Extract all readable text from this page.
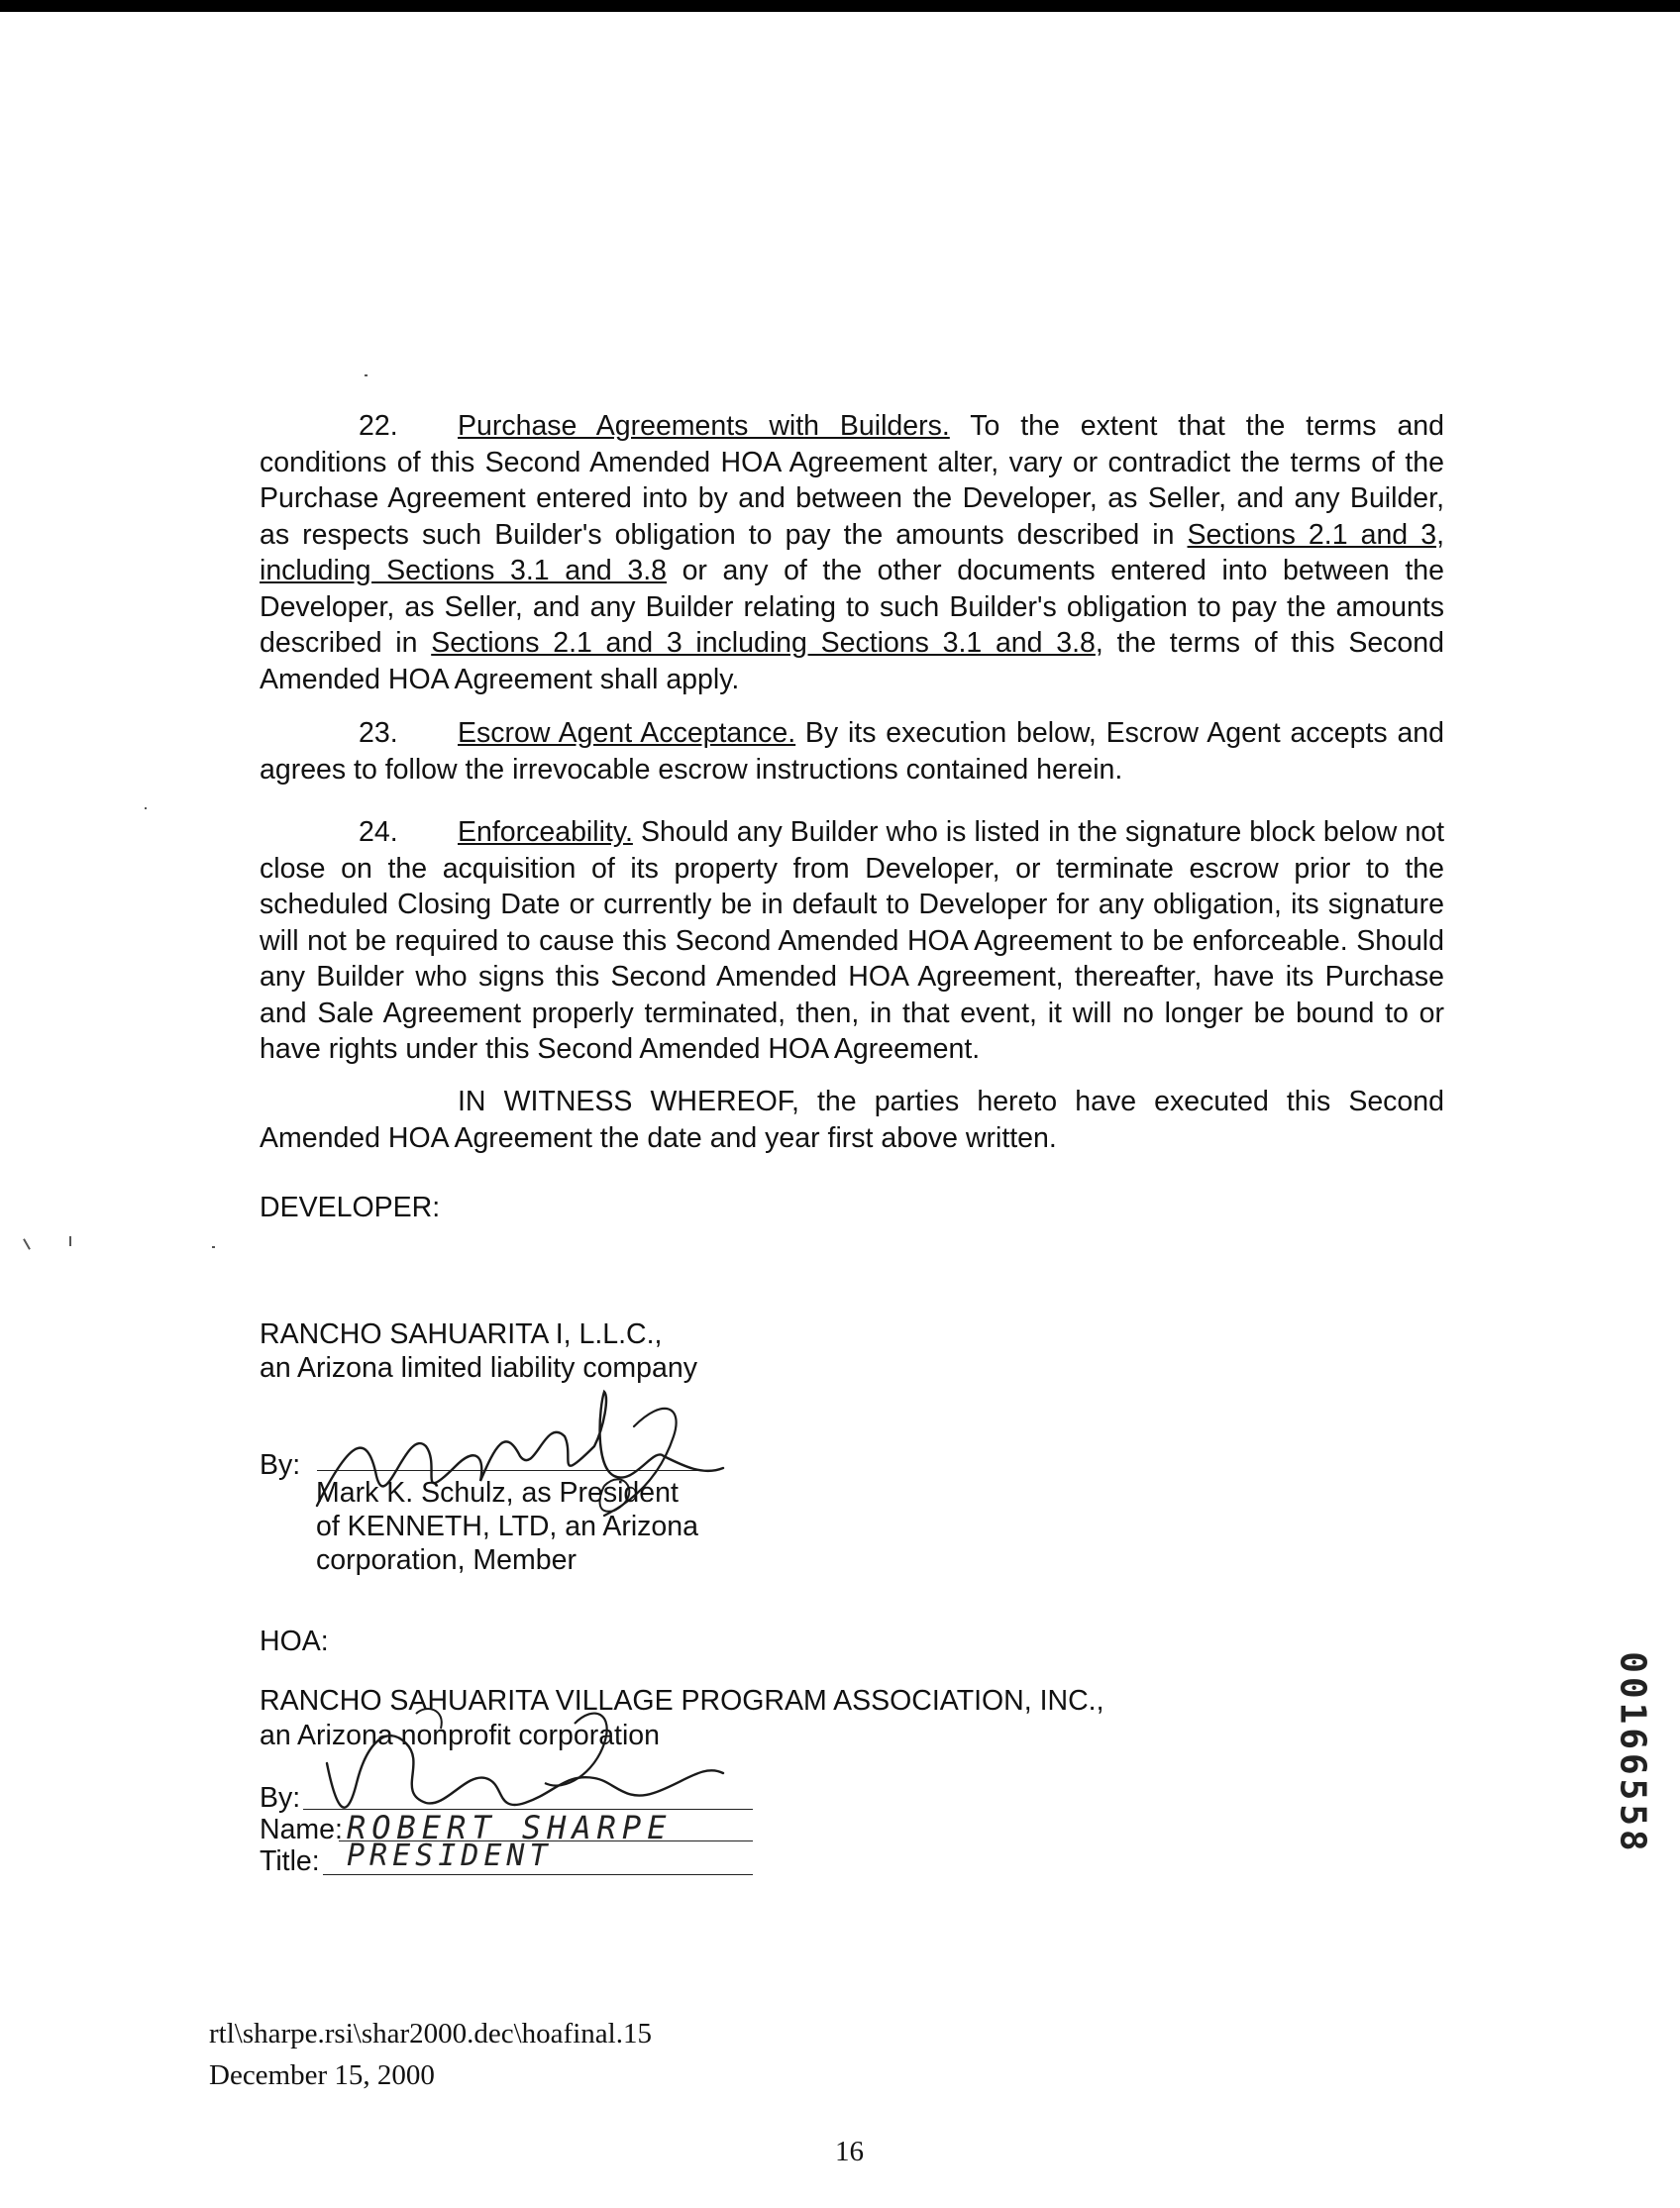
22. Purchase Agreements with Builders. To the extent that the terms and conditions of this Second Amended HOA Agreement alter, vary or contradict the terms of the Purchase Agreement entered into by and between the Developer, as Seller, and any Builder, as respects such Builder's obligation to pay the amounts described in Sections 2.1 and 3, including Sections 3.1 and 3.8 or any of the other documents entered into between the Developer, as Seller, and any Builder relating to such Builder's obligation to pay the amounts described in Sections 2.1 and 3 including Sections 3.1 and 3.8, the terms of this Second Amended HOA Agreement shall apply.

23. Escrow Agent Acceptance. By its execution below, Escrow Agent accepts and agrees to follow the irrevocable escrow instructions contained herein.

24. Enforceability. Should any Builder who is listed in the signature block below not close on the acquisition of its property from Developer, or terminate escrow prior to the scheduled Closing Date or currently be in default to Developer for any obligation, its signature will not be required to cause this Second Amended HOA Agreement to be enforceable. Should any Builder who signs this Second Amended HOA Agreement, thereafter, have its Purchase and Sale Agreement properly terminated, then, in that event, it will no longer be bound to or have rights under this Second Amended HOA Agreement.

IN WITNESS WHEREOF, the parties hereto have executed this Second Amended HOA Agreement the date and year first above written.

DEVELOPER:

RANCHO SAHUARITA I, L.L.C.,

an Arizona limited liability company

By:

Mark K. Schulz, as President

of KENNETH, LTD, an Arizona

corporation, Member

HOA:

RANCHO SAHUARITA VILLAGE PROGRAM ASSOCIATION, INC.,

an Arizona nonprofit corporation

By:

Name: ROBERT SHARPE

Title: PRESIDENT

rtl\sharpe.rsi\shar2000.dec\hoafinal.15

December 15, 2000

16
00166558
